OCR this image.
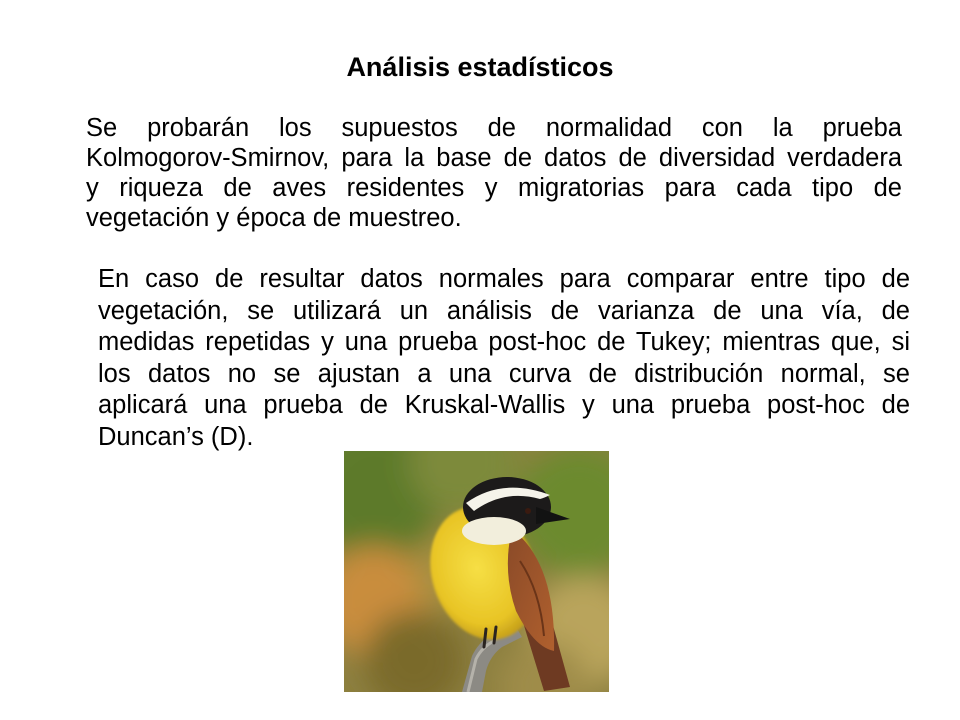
Análisis estadísticos
Se probarán los supuestos de normalidad con la prueba
Kolmogorov-Smirnov, para la base de datos de diversidad verdadera
y riqueza de aves residentes y migratorias para cada tipo de
vegetación y época de muestreo.
En caso de resultar datos normales para comparar entre tipo de
vegetación, se utilizará un análisis de varianza de una vía, de
medidas repetidas y una prueba post-hoc de Tukey; mientras que, si
los datos no se ajustan a una curva de distribución normal, se
aplicará una prueba de Kruskal-Wallis y una prueba post-hoc de
Duncan’s (D).
